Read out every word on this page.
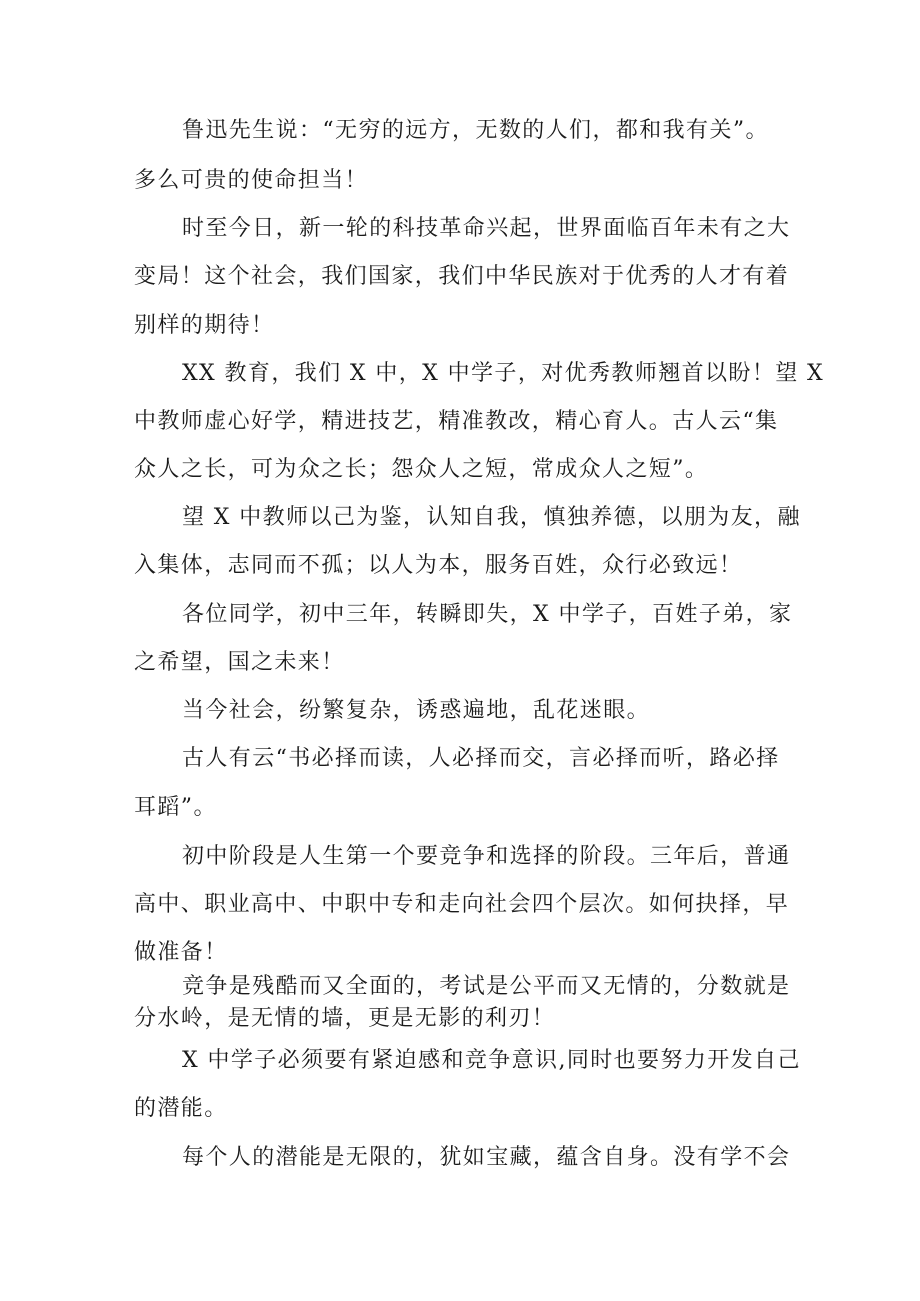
鲁迅先生说：“无穷的远方，无数的人们，都和我有关”。
多么可贵的使命担当！
时至今日，新一轮的科技革命兴起，世界面临百年未有之大
变局！这个社会，我们国家，我们中华民族对于优秀的人才有着
别样的期待！
XX 教育，我们 X 中，X 中学子，对优秀教师翘首以盼！望 X
中教师虚心好学，精进技艺，精准教改，精心育人。古人云“集
众人之长，可为众之长；怨众人之短，常成众人之短”。
望 X 中教师以己为鉴，认知自我，慎独养德，以朋为友，融
入集体，志同而不孤；以人为本，服务百姓，众行必致远！
各位同学，初中三年，转瞬即失，X 中学子，百姓子弟，家
之希望，国之未来！
当今社会，纷繁复杂，诱惑遍地，乱花迷眼。
古人有云“书必择而读，人必择而交，言必择而听，路必择
耳蹈”。
初中阶段是人生第一个要竞争和选择的阶段。三年后，普通
高中、职业高中、中职中专和走向社会四个层次。如何抉择，早
做准备！
竞争是残酷而又全面的，考试是公平而又无情的，分数就是
分水岭，是无情的墙，更是无影的利刃！
X 中学子必须要有紧迫感和竞争意识,同时也要努力开发自己
的潜能。
每个人的潜能是无限的，犹如宝藏，蕴含自身。没有学不会
